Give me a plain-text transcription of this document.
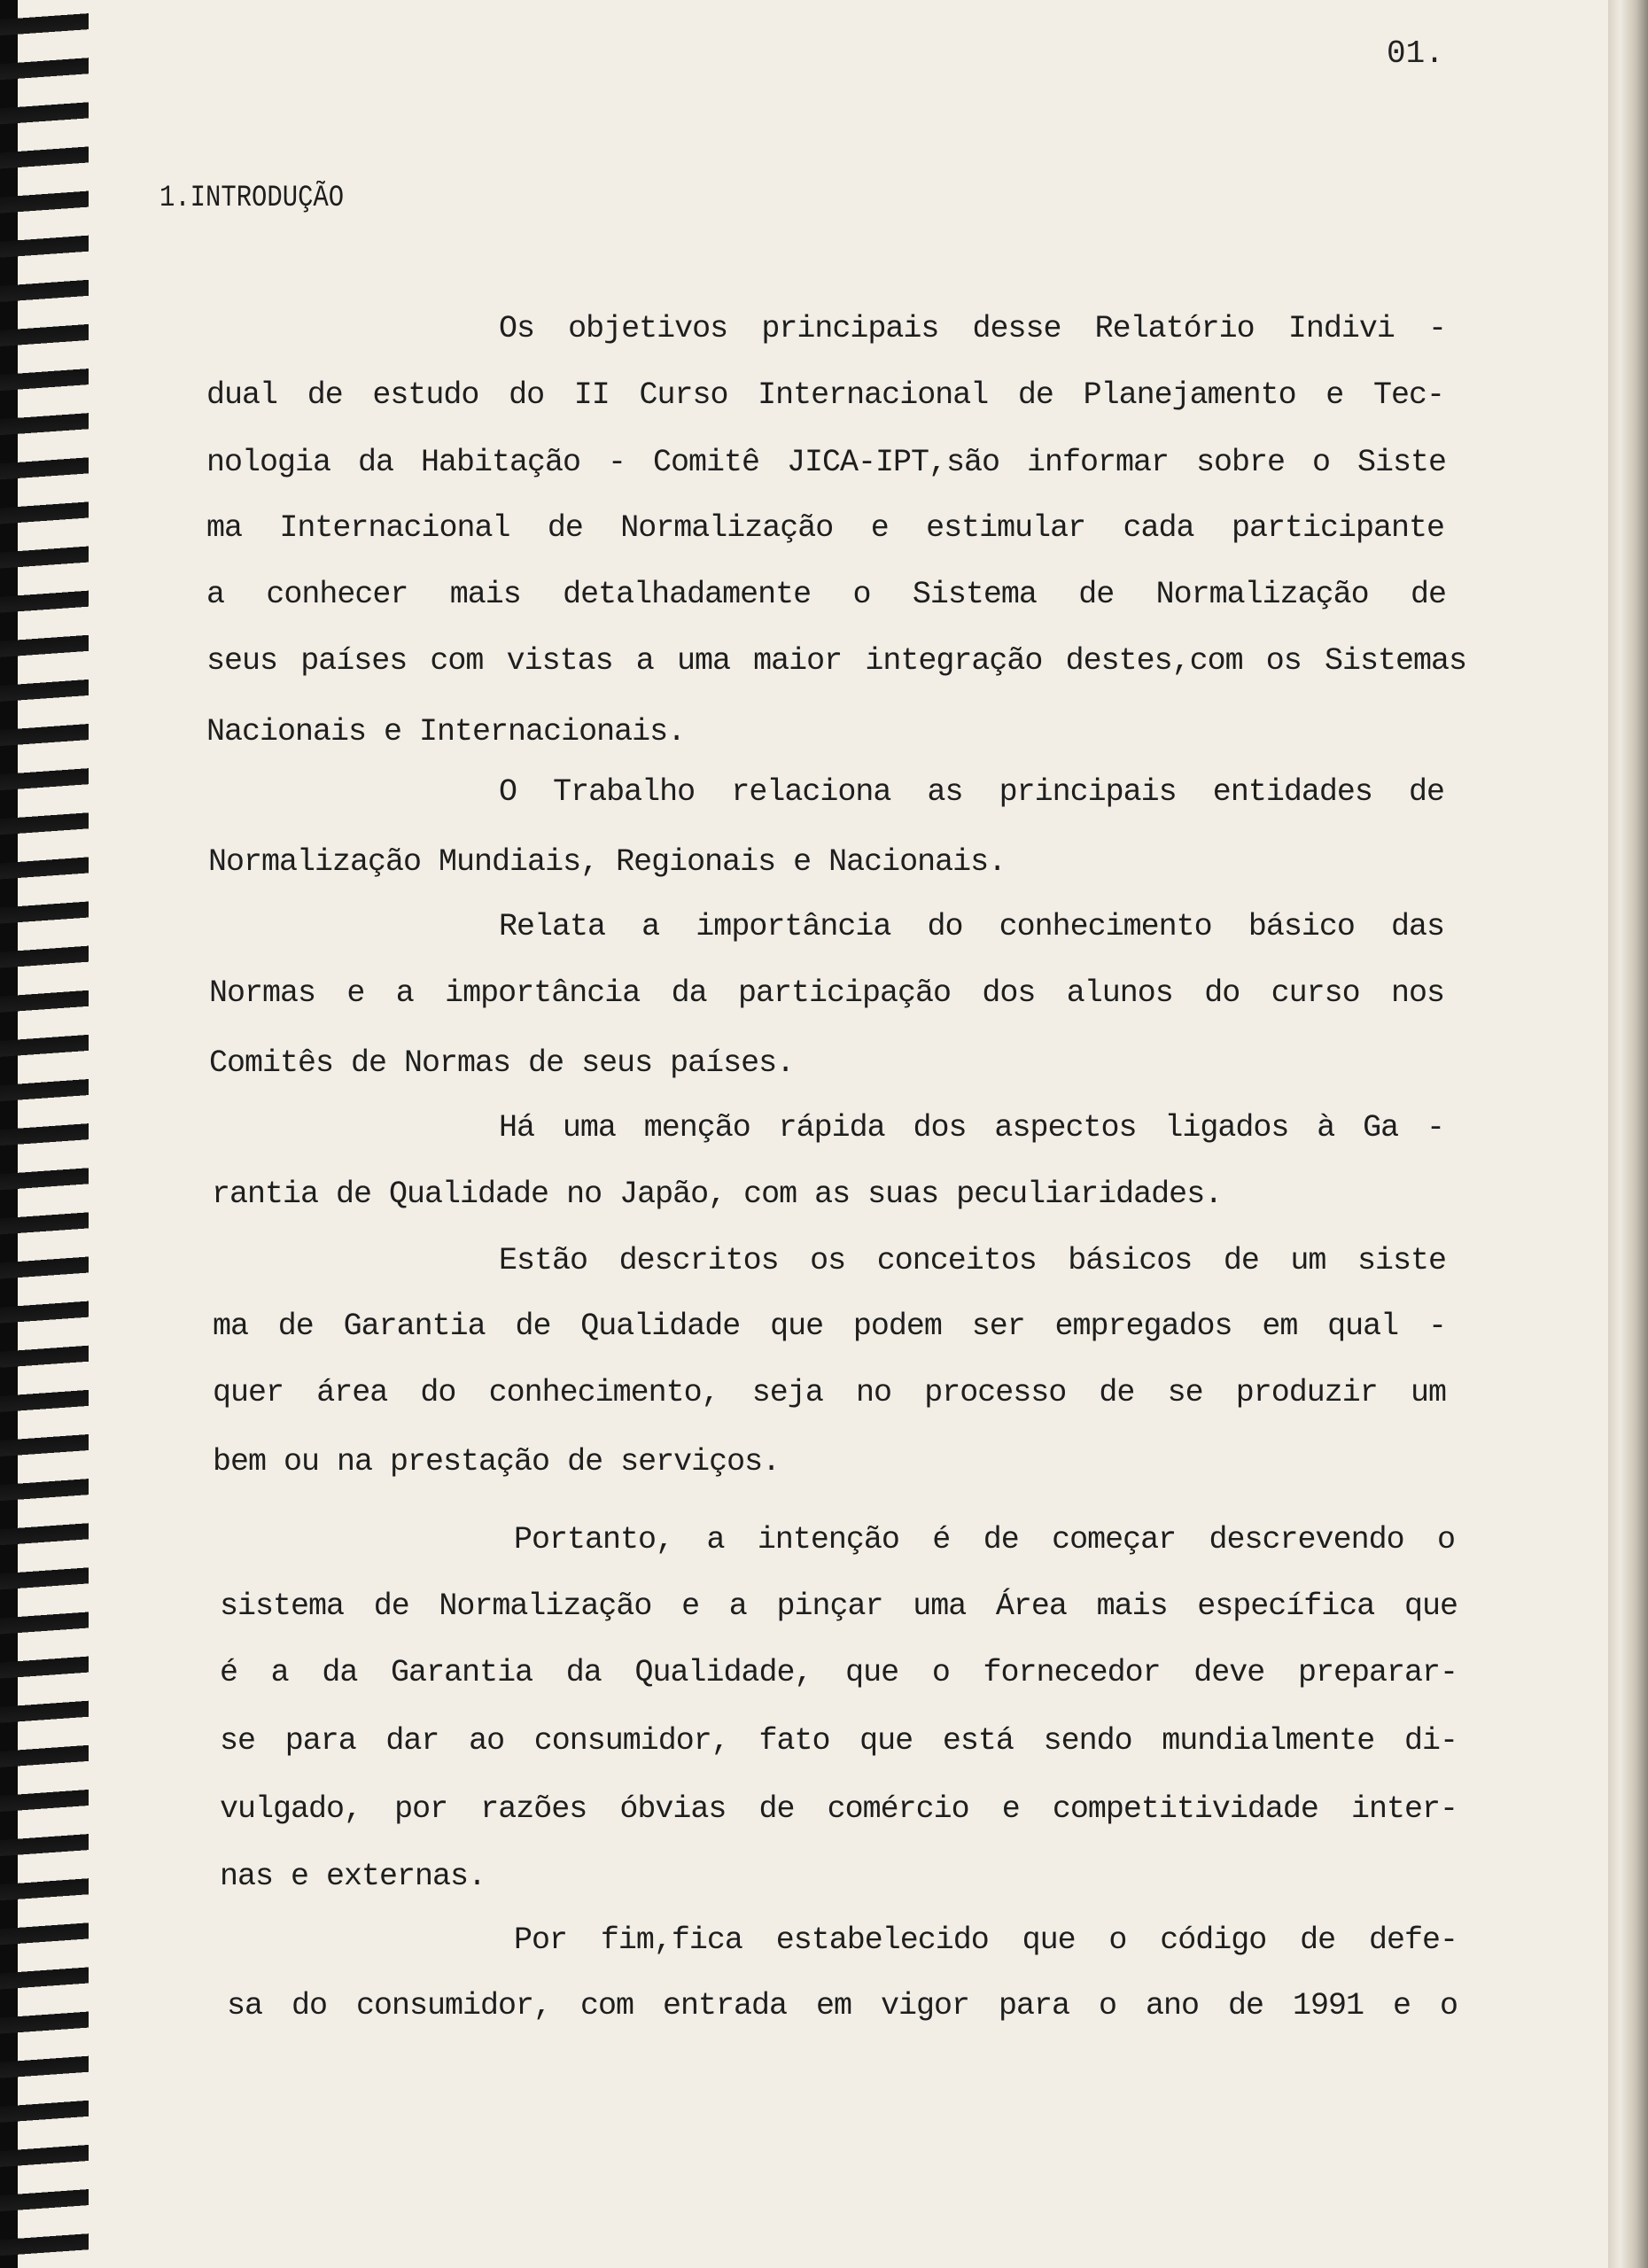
01.
1.INTRODUÇÃO
Os objetivos principais desse Relatório Indivi -
dual de estudo do II Curso Internacional de Planejamento e Tec-
nologia da Habitação - Comitê JICA-IPT,são informar sobre o Siste
ma Internacional de Normalização e estimular cada participante
a conhecer mais detalhadamente o Sistema de Normalização de
seus países com vistas a uma maior integração destes,com os Sistemas
Nacionais e Internacionais.
O Trabalho relaciona as principais entidades de
Normalização Mundiais, Regionais e Nacionais.
Relata a importância do conhecimento básico das
Normas e a importância da participação dos alunos do curso nos
Comitês de Normas de seus países.
Há uma menção rápida dos aspectos ligados à Ga -
rantia de Qualidade no Japão, com as suas peculiaridades.
Estão descritos os conceitos básicos de um siste
ma de Garantia de Qualidade que podem ser empregados em qual -
quer área do conhecimento, seja no processo de se produzir um
bem ou na prestação de serviços.
Portanto, a intenção é de começar descrevendo o
sistema de Normalização e a pinçar uma Área mais específica que
é a da Garantia da Qualidade, que o fornecedor deve preparar-
se para dar ao consumidor, fato que está sendo mundialmente di-
vulgado, por razões óbvias de comércio e competitividade inter-
nas e externas.
Por fim,fica estabelecido que o código de defe-
sa do consumidor, com entrada em vigor para o ano de 1991 e o
